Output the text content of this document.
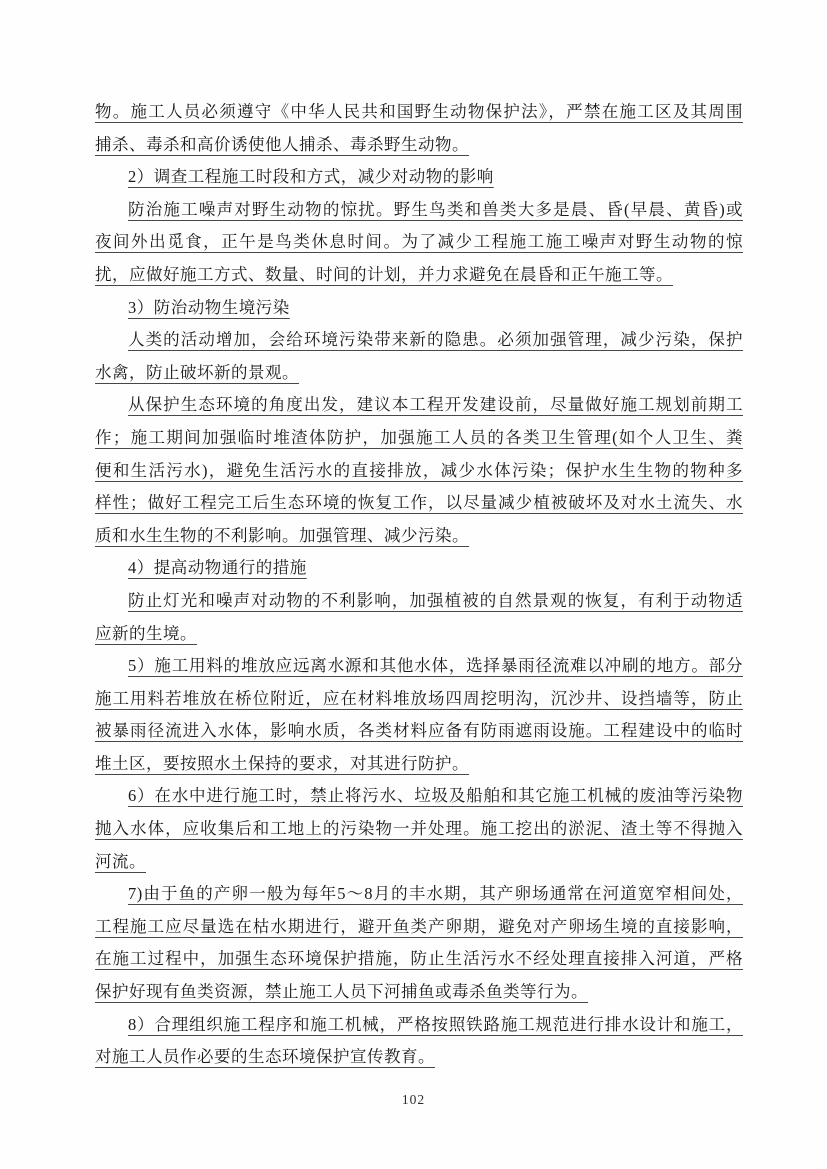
物。施工人员必须遵守《中华人民共和国野生动物保护法》，严禁在施工区及其周围
捕杀、毒杀和高价诱使他人捕杀、毒杀野生动物。
2）调查工程施工时段和方式，减少对动物的影响
防治施工噪声对野生动物的惊扰。野生鸟类和兽类大多是晨、昏(早晨、黄昏)或
夜间外出觅食，正午是鸟类休息时间。为了减少工程施工施工噪声对野生动物的惊
扰，应做好施工方式、数量、时间的计划，并力求避免在晨昏和正午施工等。
3）防治动物生境污染
人类的活动增加，会给环境污染带来新的隐患。必须加强管理，减少污染，保护
水禽，防止破坏新的景观。
从保护生态环境的角度出发，建议本工程开发建设前，尽量做好施工规划前期工
作；施工期间加强临时堆渣体防护，加强施工人员的各类卫生管理(如个人卫生、粪
便和生活污水)，避免生活污水的直接排放，减少水体污染；保护水生生物的物种多
样性；做好工程完工后生态环境的恢复工作，以尽量减少植被破坏及对水土流失、水
质和水生生物的不利影响。加强管理、减少污染。
4）提高动物通行的措施
防止灯光和噪声对动物的不利影响，加强植被的自然景观的恢复，有利于动物适
应新的生境。
5）施工用料的堆放应远离水源和其他水体，选择暴雨径流难以冲刷的地方。部分
施工用料若堆放在桥位附近，应在材料堆放场四周挖明沟，沉沙井、设挡墙等，防止
被暴雨径流进入水体，影响水质，各类材料应备有防雨遮雨设施。工程建设中的临时
堆土区，要按照水土保持的要求，对其进行防护。
6）在水中进行施工时，禁止将污水、垃圾及船舶和其它施工机械的废油等污染物
抛入水体，应收集后和工地上的污染物一并处理。施工挖出的淤泥、渣土等不得抛入
河流。
7)由于鱼的产卵一般为每年5～8月的丰水期，其产卵场通常在河道宽窄相间处，
工程施工应尽量选在枯水期进行，避开鱼类产卵期，避免对产卵场生境的直接影响，
在施工过程中，加强生态环境保护措施，防止生活污水不经处理直接排入河道，严格
保护好现有鱼类资源，禁止施工人员下河捕鱼或毒杀鱼类等行为。
8）合理组织施工程序和施工机械，严格按照铁路施工规范进行排水设计和施工，
对施工人员作必要的生态环境保护宣传教育。
102
